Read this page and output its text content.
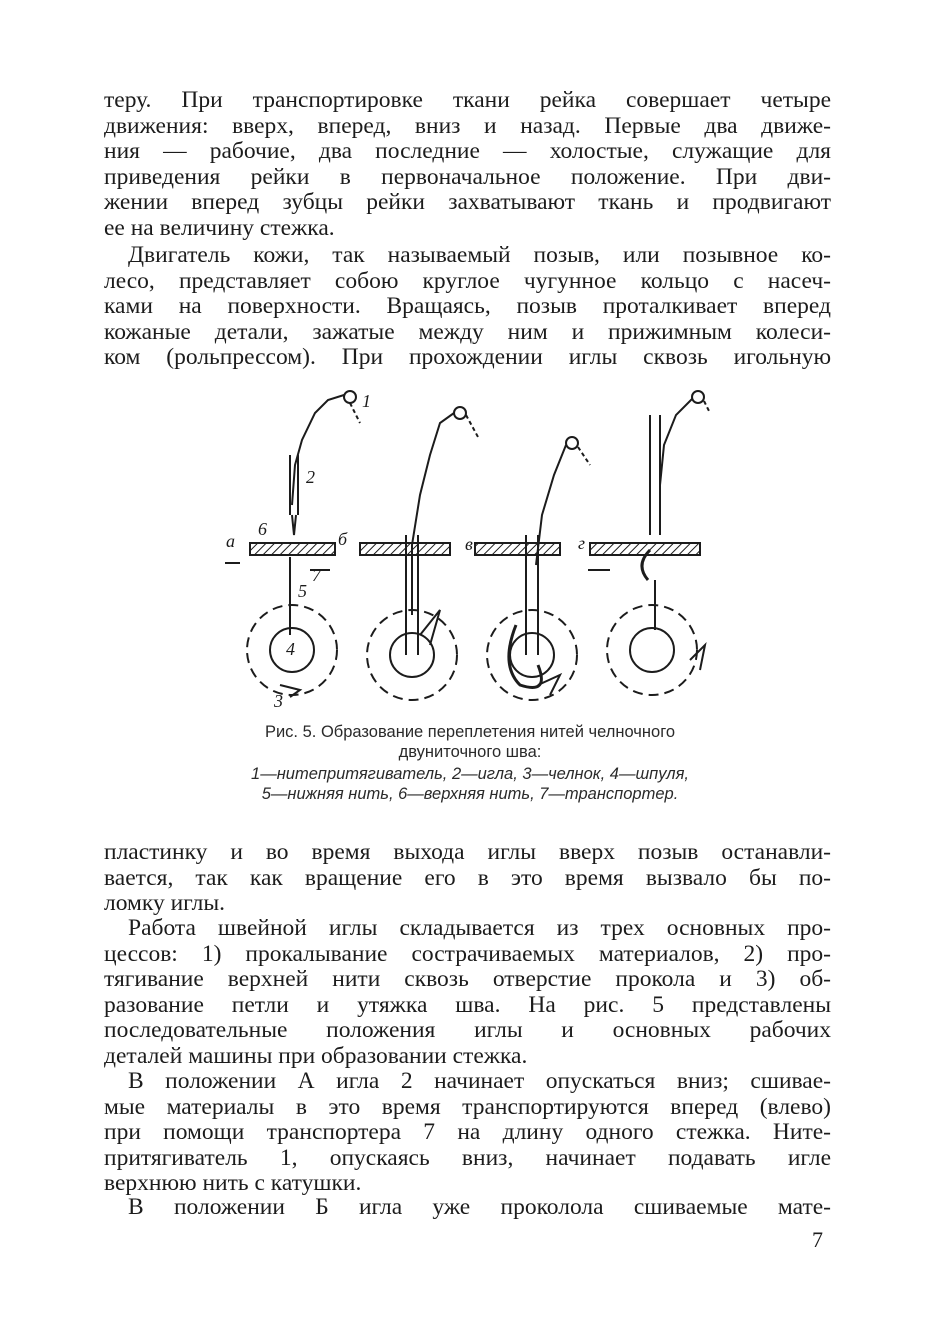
теру. При транспортировке ткани рейка совершает четыре
движения: вверх, вперед, вниз и назад. Первые два движе-
ния — рабочие, два последние — холостые, служащие для
приведения рейки в первоначальное положение. При дви-
жении вперед зубцы рейки захватывают ткань и продвигают
ее на величину стежка.
Двигатель кожи, так называемый позыв, или позывное ко-
лесо, представляет собою круглое чугунное кольцо с насеч-
ками на поверхности. Вращаясь, позыв проталкивает вперед
кожаные детали, зажатые между ним и прижимным колеси-
ком (рольпрессом). При прохождении иглы сквозь игольную
а	б	в	г
1
2
3
4
5
6
7
Рис. 5. Образование переплетения нитей челночного
двуниточного шва:
1—нитепритягиватель, 2—игла, 3—челнок, 4—шпуля,
5—нижняя нить, 6—верхняя нить, 7—транспортер.
пластинку и во время выхода иглы вверх позыв останавли-
вается, так как вращение его в это время вызвало бы по-
ломку иглы.
Работа швейной иглы складывается из трех основных про-
цессов: 1) прокалывание сострачиваемых материалов, 2) про-
тягивание верхней нити сквозь отверстие прокола и 3) об-
разование петли и утяжка шва. На рис. 5 представлены
последовательные положения иглы и основных рабочих
деталей машины при образовании стежка.
В положении А игла 2 начинает опускаться вниз; сшивае-
мые материалы в это время транспортируются вперед (влево)
при помощи транспортера 7 на длину одного стежка. Ните-
притягиватель 1, опускаясь вниз, начинает подавать игле
верхнюю нить с катушки.
В положении Б игла уже проколола сшиваемые мате-
7
